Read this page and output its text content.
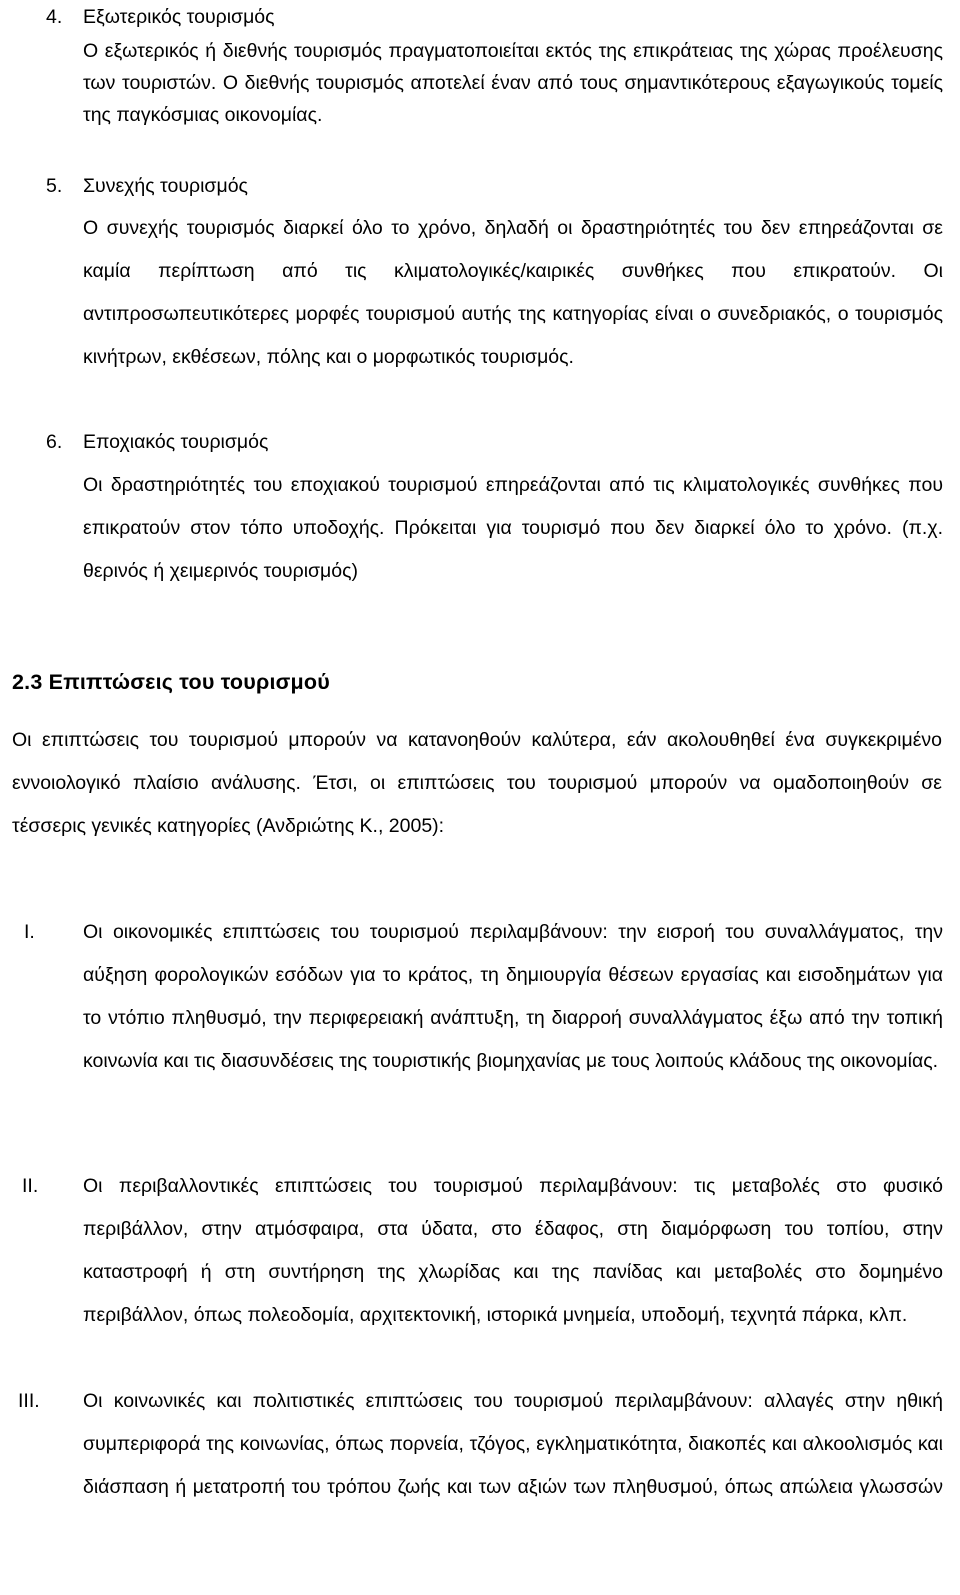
4. Εξωτερικός τουρισμός
Ο εξωτερικός ή διεθνής τουρισμός πραγματοποιείται εκτός της επικράτειας της χώρας προέλευσης των τουριστών. Ο διεθνής τουρισμός αποτελεί έναν από τους σημαντικότερους εξαγωγικούς τομείς της παγκόσμιας οικονομίας.
5. Συνεχής τουρισμός
Ο συνεχής τουρισμός διαρκεί όλο το χρόνο, δηλαδή οι δραστηριότητές του δεν επηρεάζονται σε καμία περίπτωση από τις κλιματολογικές/καιρικές συνθήκες που επικρατούν. Οι αντιπροσωπευτικότερες μορφές τουρισμού αυτής της κατηγορίας είναι ο συνεδριακός, ο τουρισμός κινήτρων, εκθέσεων, πόλης και ο μορφωτικός τουρισμός.
6. Εποχιακός τουρισμός
Οι δραστηριότητές του εποχιακού τουρισμού επηρεάζονται από τις κλιματολογικές συνθήκες που επικρατούν στον τόπο υποδοχής. Πρόκειται για τουρισμό που δεν διαρκεί όλο το χρόνο. (π.χ. θερινός ή χειμερινός τουρισμός)
2.3 Επιπτώσεις του τουρισμού
Οι επιπτώσεις του τουρισμού μπορούν να κατανοηθούν καλύτερα, εάν ακολουθηθεί ένα συγκεκριμένο εννοιολογικό πλαίσιο ανάλυσης. Έτσι, οι επιπτώσεις του τουρισμού μπορούν να ομαδοποιηθούν σε τέσσερις γενικές κατηγορίες (Ανδριώτης Κ., 2005):
I. Οι οικονομικές επιπτώσεις του τουρισμού περιλαμβάνουν: την εισροή του συναλλάγματος, την αύξηση φορολογικών εσόδων για το κράτος, τη δημιουργία θέσεων εργασίας και εισοδημάτων για το ντόπιο πληθυσμό, την περιφερειακή ανάπτυξη, τη διαρροή συναλλάγματος έξω από την τοπική κοινωνία και τις διασυνδέσεις της τουριστικής βιομηχανίας με τους λοιπούς κλάδους της οικονομίας.
II. Οι περιβαλλοντικές επιπτώσεις του τουρισμού περιλαμβάνουν: τις μεταβολές στο φυσικό περιβάλλον, στην ατμόσφαιρα, στα ύδατα, στο έδαφος, στη διαμόρφωση του τοπίου, στην καταστροφή ή στη συντήρηση της χλωρίδας και της πανίδας και μεταβολές στο δομημένο περιβάλλον, όπως πολεοδομία, αρχιτεκτονική, ιστορικά μνημεία, υποδομή, τεχνητά πάρκα, κλπ.
III. Οι κοινωνικές και πολιτιστικές επιπτώσεις του τουρισμού περιλαμβάνουν: αλλαγές στην ηθική συμπεριφορά της κοινωνίας, όπως πορνεία, τζόγος, εγκληματικότητα, διακοπές και αλκοολισμός και διάσπαση ή μετατροπή του τρόπου ζωής και των αξιών των πληθυσμού, όπως απώλεια γλωσσών
